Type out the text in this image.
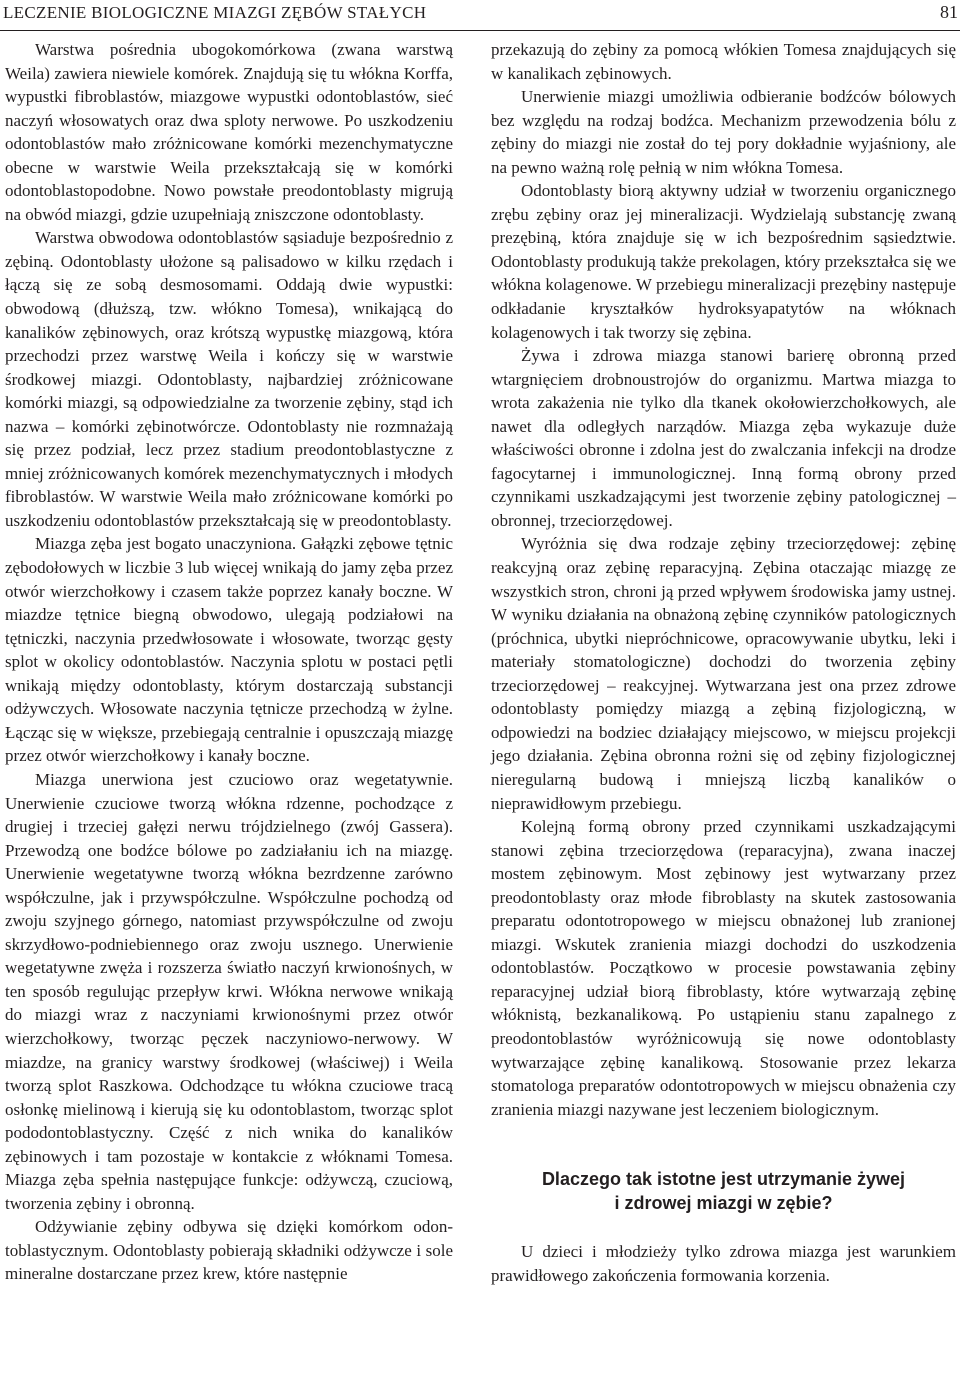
LECZENIE BIOLOGICZNE MIAZGI ZĘBÓW STAŁYCH	81

Warstwa pośrednia ubogokomórkowa (zwana warstwą Weila) zawiera niewiele komórek. Znajdują się tu włókna Korffa, wypustki fibroblastów, miazgowe wypustki odontoblastów, sieć naczyń włosowatych oraz dwa sploty nerwowe. Po uszkodzeniu odontoblastów mało zróżnicowane komórki mezenchymatyczne obecne w warstwie Weila przekształcają się w komórki odontoblastopodobne. Nowo powstałe preodontoblasty migrują na obwód miazgi, gdzie uzupełniają zniszczone odontoblasty.

Warstwa obwodowa odontoblastów sąsiaduje bezpośrednio z zębiną. Odontoblasty ułożone są palisadowo w kilku rzędach i łączą się ze sobą desmosomami. Oddają dwie wypustki: obwodową (dłuższą, tzw. włókno Tomesa), wnikającą do kanalików zębinowych, oraz krótszą wypustkę miazgową, która przechodzi przez warstwę Weila i kończy się w warstwie środkowej miazgi. Odontoblasty, najbardziej zróżnicowane komórki miazgi, są odpowiedzialne za tworzenie zębiny, stąd ich nazwa – komórki zębinotwórcze. Odontoblasty nie rozmnażają się przez podział, lecz przez stadium preodontoblastyczne z mniej zróżnicowanych komórek mezenchymatycznych i młodych fibroblastów. W warstwie Weila mało zróżnicowane komórki po uszkodzeniu odontoblastów przekształcają się w preodontoblasty.

Miazga zęba jest bogato unaczyniona. Gałązki zębowe tętnic zębodołowych w liczbie 3 lub więcej wnikają do jamy zęba przez otwór wierzchołkowy i czasem także poprzez kanały boczne. W miazdze tętnice biegną obwodowo, ulegają podziałowi na tętniczki, naczynia przedwłosowate i włosowate, tworząc gęsty splot w okolicy odontoblastów. Naczynia splotu w postaci pętli wnikają między odontoblasty, którym dostarczają substancji odżywczych. Włosowate naczynia tętnicze przechodzą w żylne. Łącząc się w większe, przebiegają centralnie i opuszczają miazgę przez otwór wierzchołkowy i kanały boczne.

Miazga unerwiona jest czuciowo oraz wegetatywnie. Unerwienie czuciowe tworzą włókna rdzenne, pochodzące z drugiej i trzeciej gałęzi nerwu trójdzielnego (zwój Gassera). Przewodzą one bodźce bólowe po zadziałaniu ich na miazgę. Unerwienie wegetatywne tworzą włókna bezrdzenne zarówno współczulne, jak i przywspółczulne. Współczulne pochodzą od zwoju szyjnego górnego, natomiast przywspółczulne od zwoju skrzydłowo-podniebiennego oraz zwoju usznego. Unerwienie wegetatywne zwęża i rozszerza światło naczyń krwionośnych, w ten sposób regulując przepływ krwi. Włókna nerwowe wnikają do miazgi wraz z naczyniami krwionośnymi przez otwór wierzchołkowy, tworząc pęczek naczyniowo-nerwowy. W miazdze, na granicy warstwy środkowej (właściwej) i Weila tworzą splot Raszkowa. Odchodzące tu włókna czuciowe tracą osłonkę mielinową i kierują się ku odontoblastom, tworząc splot pododontoblastyczny. Część z nich wnika do kanalików zębinowych i tam pozostaje w kontakcie z włóknami Tomesa. Miazga zęba spełnia następujące funkcje: odżywczą, czuciową, tworzenia zębiny i obronną.

Odżywianie zębiny odbywa się dzięki komórkom odontoblastycznym. Odontoblasty pobierają składniki odżywcze i sole mineralne dostarczane przez krew, które następnie

przekazują do zębiny za pomocą włókien Tomesa znajdujących się w kanalikach zębinowych.

Unerwienie miazgi umożliwia odbieranie bodźców bólowych bez względu na rodzaj bodźca. Mechanizm przewodzenia bólu z zębiny do miazgi nie został do tej pory dokładnie wyjaśniony, ale na pewno ważną rolę pełnią w nim włókna Tomesa.

Odontoblasty biorą aktywny udział w tworzeniu organicznego zrębu zębiny oraz jej mineralizacji. Wydzielają substancję zwaną prezębiną, która znajduje się w ich bezpośrednim sąsiedztwie. Odontoblasty produkują także prekolagen, który przekształca się we włókna kolagenowe. W przebiegu mineralizacji prezębiny następuje odkładanie kryształków hydroksyapatytów na włóknach kolagenowych i tak tworzy się zębina.

Żywa i zdrowa miazga stanowi barierę obronną przed wtargnięciem drobnoustrojów do organizmu. Martwa miazga to wrota zakażenia nie tylko dla tkanek okołowierzchołkowych, ale nawet dla odległych narządów. Miazga zęba wykazuje duże właściwości obronne i zdolna jest do zwalczania infekcji na drodze fagocytarnej i immunologicznej. Inną formą obrony przed czynnikami uszkadzającymi jest tworzenie zębiny patologicznej – obronnej, trzeciorzędowej.

Wyróżnia się dwa rodzaje zębiny trzeciorzędowej: zębinę reakcyjną oraz zębinę reparacyjną. Zębina otaczając miazgę ze wszystkich stron, chroni ją przed wpływem środowiska jamy ustnej. W wyniku działania na obnażoną zębinę czynników patologicznych (próchnica, ubytki niepróchnicowe, opracowywanie ubytku, leki i materiały stomatologiczne) dochodzi do tworzenia zębiny trzeciorzędowej – reakcyjnej. Wytwarzana jest ona przez zdrowe odontoblasty pomiędzy miazgą a zębiną fizjologiczną, w odpowiedzi na bodziec działający miejscowo, w miejscu projekcji jego działania. Zębina obronna rożni się od zębiny fizjologicznej nieregularną budową i mniejszą liczbą kanalików o nieprawidłowym przebiegu.

Kolejną formą obrony przed czynnikami uszkadzającymi stanowi zębina trzeciorzędowa (reparacyjna), zwana inaczej mostem zębinowym. Most zębinowy jest wytwarzany przez preodontoblasty oraz młode fibroblasty na skutek zastosowania preparatu odontotropowego w miejscu obnażonej lub zranionej miazgi. Wskutek zranienia miazgi dochodzi do uszkodzenia odontoblastów. Początkowo w procesie powstawania zębiny reparacyjnej udział biorą fibroblasty, które wytwarzają zębinę włóknistą, bezkanalikową. Po ustąpieniu stanu zapalnego z preodontoblastów wyróżnicowują się nowe odontoblasty wytwarzające zębinę kanalikową. Stosowanie przez lekarza stomatologa preparatów odontotropowych w miejscu obnażenia czy zranienia miazgi nazywane jest leczeniem biologicznym.

Dlaczego tak istotne jest utrzymanie żywej
i zdrowej miazgi w zębie?

U dzieci i młodzieży tylko zdrowa miazga jest warunkiem prawidłowego zakończenia formowania korzenia.
